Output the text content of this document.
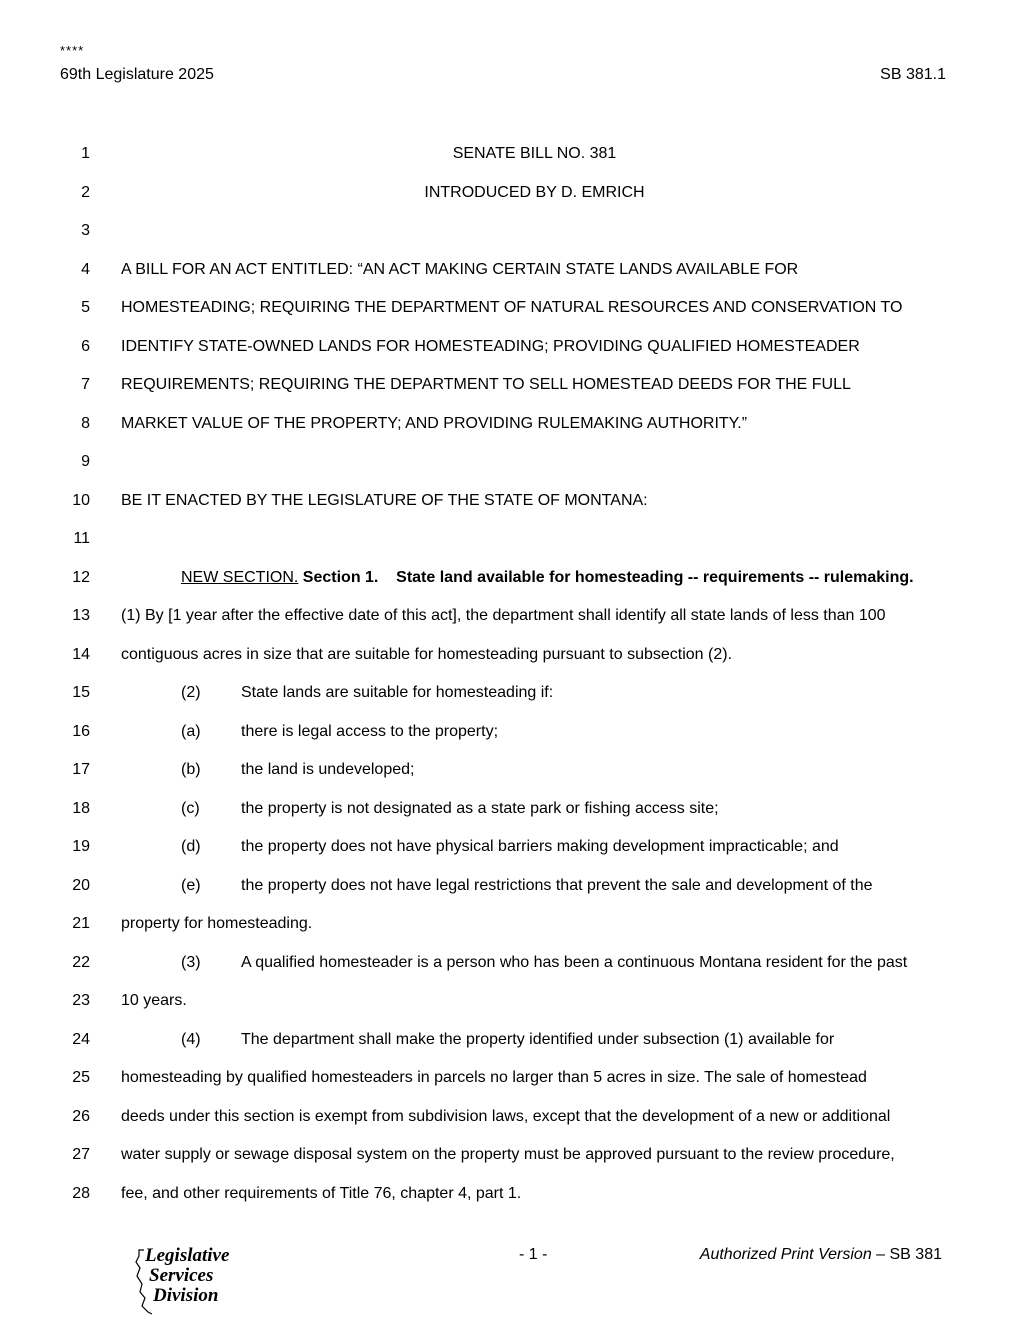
****
69th Legislature 2025	SB 381.1
1	SENATE BILL NO. 381
2	INTRODUCED BY D. EMRICH
3
4 A BILL FOR AN ACT ENTITLED: “AN ACT MAKING CERTAIN STATE LANDS AVAILABLE FOR
5 HOMESTEADING; REQUIRING THE DEPARTMENT OF NATURAL RESOURCES AND CONSERVATION TO
6 IDENTIFY STATE-OWNED LANDS FOR HOMESTEADING; PROVIDING QUALIFIED HOMESTEADER
7 REQUIREMENTS; REQUIRING THE DEPARTMENT TO SELL HOMESTEAD DEEDS FOR THE FULL
8 MARKET VALUE OF THE PROPERTY; AND PROVIDING RULEMAKING AUTHORITY.”
9
10 BE IT ENACTED BY THE LEGISLATURE OF THE STATE OF MONTANA:
11
12	NEW SECTION. Section 1. State land available for homesteading -- requirements -- rulemaking.
13 (1) By [1 year after the effective date of this act], the department shall identify all state lands of less than 100
14 contiguous acres in size that are suitable for homesteading pursuant to subsection (2).
15	(2)	State lands are suitable for homesteading if:
16	(a)	there is legal access to the property;
17	(b)	the land is undeveloped;
18	(c)	the property is not designated as a state park or fishing access site;
19	(d)	the property does not have physical barriers making development impracticable; and
20	(e)	the property does not have legal restrictions that prevent the sale and development of the
21 property for homesteading.
22	(3)	A qualified homesteader is a person who has been a continuous Montana resident for the past
23 10 years.
24	(4)	The department shall make the property identified under subsection (1) available for
25 homesteading by qualified homesteaders in parcels no larger than 5 acres in size. The sale of homestead
26 deeds under this section is exempt from subdivision laws, except that the development of a new or additional
27 water supply or sewage disposal system on the property must be approved pursuant to the review procedure,
28 fee, and other requirements of Title 76, chapter 4, part 1.
Legislative
Services
Division
- 1 -	Authorized Print Version – SB 381
